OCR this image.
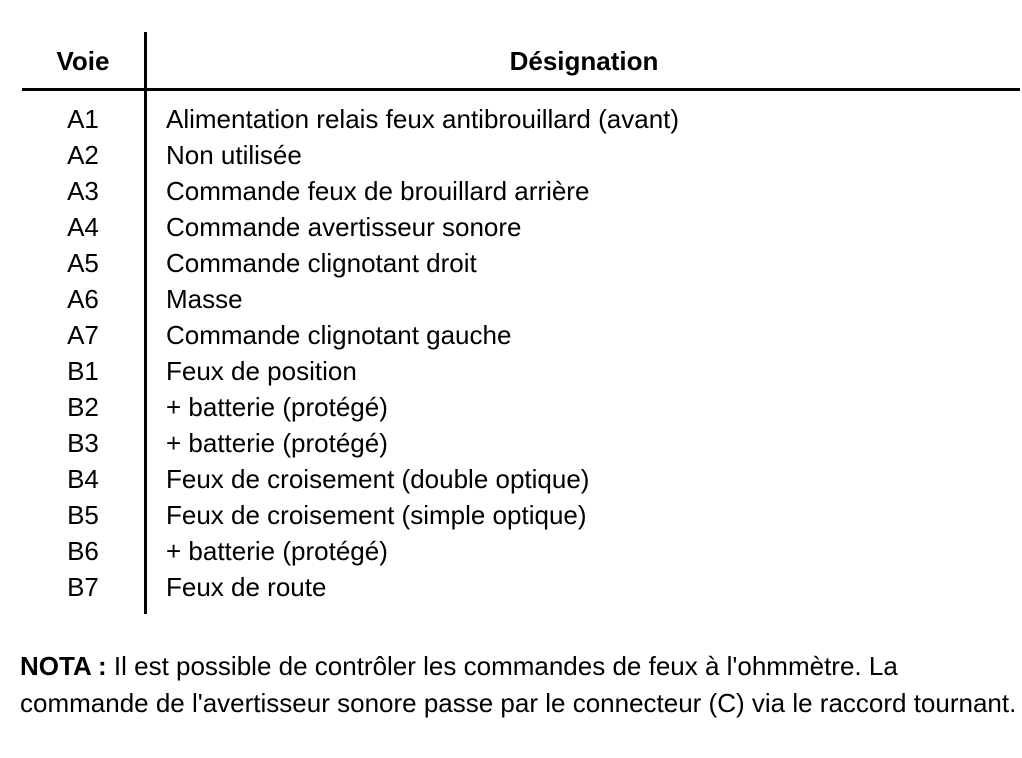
Voie	Désignation
A1	Alimentation relais feux antibrouillard (avant)
A2	Non utilisée
A3	Commande feux de brouillard arrière
A4	Commande avertisseur sonore
A5	Commande clignotant droit
A6	Masse
A7	Commande clignotant gauche
B1	Feux de position
B2	+ batterie (protégé)
B3	+ batterie (protégé)
B4	Feux de croisement (double optique)
B5	Feux de croisement (simple optique)
B6	+ batterie (protégé)
B7	Feux de route
NOTA : Il est possible de contrôler les commandes de feux à l'ohmmètre. La commande de l'avertisseur sonore passe par le connecteur (C) via le raccord tournant.
